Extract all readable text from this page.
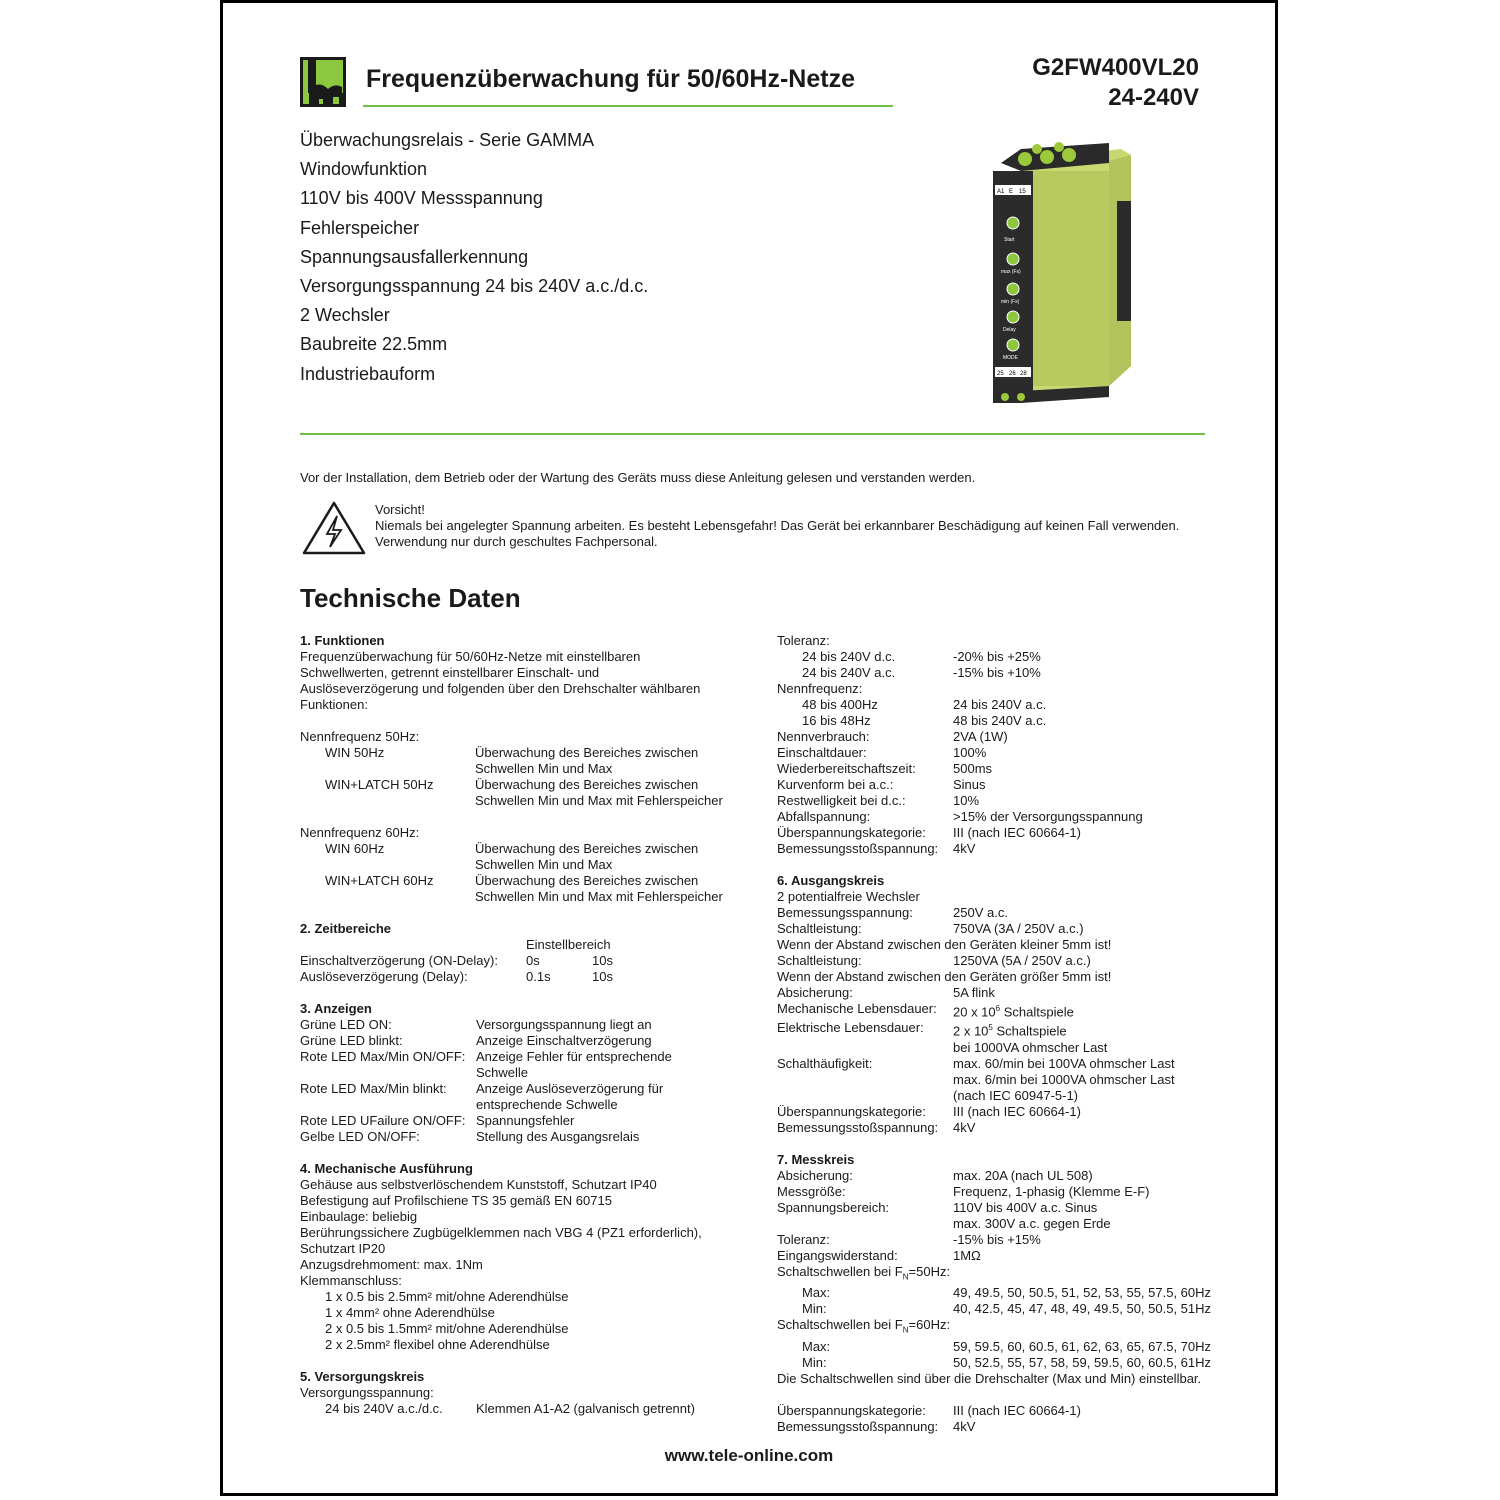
Frequenzüberwachung für 50/60Hz-Netze	G2FW400VL20
24-240V
Überwachungsrelais - Serie GAMMA
Windowfunktion
110V bis 400V Messspannung
Fehlerspeicher
Spannungsausfallerkennung
Versorgungsspannung 24 bis 240V a.c./d.c.
2 Wechsler
Baubreite 22.5mm
Industriebauform
A1 E 15
Start
max (Fs)
min (Fs)
Delay
MODE
25 26 28
Vor der Installation, dem Betrieb oder der Wartung des Geräts muss diese Anleitung gelesen und verstanden werden.
Vorsicht!
Niemals bei angelegter Spannung arbeiten. Es besteht Lebensgefahr! Das Gerät bei erkannbarer Beschädigung auf keinen Fall verwenden.
Verwendung nur durch geschultes Fachpersonal.
Technische Daten
1. Funktionen
Frequenzüberwachung für 50/60Hz-Netze mit einstellbaren
Schwellwerten, getrennt einstellbarer Einschalt- und
Auslöseverzögerung und folgenden über den Drehschalter wählbaren
Funktionen:
Nennfrequenz 50Hz:
WIN 50Hz	Überwachung des Bereiches zwischen
Schwellen Min und Max
WIN+LATCH 50Hz	Überwachung des Bereiches zwischen
Schwellen Min und Max mit Fehlerspeicher
Nennfrequenz 60Hz:
WIN 60Hz	Überwachung des Bereiches zwischen
Schwellen Min und Max
WIN+LATCH 60Hz	Überwachung des Bereiches zwischen
Schwellen Min und Max mit Fehlerspeicher
2. Zeitbereiche
Einstellbereich
Einschaltverzögerung (ON-Delay):	0s	10s
Auslöseverzögerung (Delay):	0.1s	10s
3. Anzeigen
Grüne LED ON:	Versorgungsspannung liegt an
Grüne LED blinkt:	Anzeige Einschaltverzögerung
Rote LED Max/Min ON/OFF: Anzeige Fehler für entsprechende
Schwelle
Rote LED Max/Min blinkt:	Anzeige Auslöseverzögerung für
entsprechende Schwelle
Rote LED UFailure ON/OFF: Spannungsfehler
Gelbe LED ON/OFF:	Stellung des Ausgangsrelais
4. Mechanische Ausführung
Gehäuse aus selbstverlöschendem Kunststoff, Schutzart IP40
Befestigung auf Profilschiene TS 35 gemäß EN 60715
Einbaulage: beliebig
Berührungssichere Zugbügelklemmen nach VBG 4 (PZ1 erforderlich),
Schutzart IP20
Anzugsdrehmoment: max. 1Nm
Klemmanschluss:
1 x 0.5 bis 2.5mm² mit/ohne Aderendhülse
1 x 4mm² ohne Aderendhülse
2 x 0.5 bis 1.5mm² mit/ohne Aderendhülse
2 x 2.5mm² flexibel ohne Aderendhülse
5. Versorgungskreis
Versorgungsspannung:
24 bis 240V a.c./d.c.	Klemmen A1-A2 (galvanisch getrennt)
Toleranz:
24 bis 240V d.c.	-20% bis +25%
24 bis 240V a.c.	-15% bis +10%
Nennfrequenz:
48 bis 400Hz	24 bis 240V a.c.
16 bis 48Hz	48 bis 240V a.c.
Nennverbrauch:	2VA (1W)
Einschaltdauer:	100%
Wiederbereitschaftszeit:	500ms
Kurvenform bei a.c.:	Sinus
Restwelligkeit bei d.c.:	10%
Abfallspannung:	>15% der Versorgungsspannung
Überspannungskategorie:	III (nach IEC 60664-1)
Bemessungsstoßspannung:	4kV
6. Ausgangskreis
2 potentialfreie Wechsler
Bemessungsspannung:	250V a.c.
Schaltleistung:	750VA (3A / 250V a.c.)
Wenn der Abstand zwischen den Geräten kleiner 5mm ist!
Schaltleistung:	1250VA (5A / 250V a.c.)
Wenn der Abstand zwischen den Geräten größer 5mm ist!
Absicherung:	5A flink
Mechanische Lebensdauer:	20 x $10^6$ Schaltspiele
Elektrische Lebensdauer:	2 x $10^5$ Schaltspiele
bei 1000VA ohmscher Last
Schalthäufigkeit:	max. 60/min bei 100VA ohmscher Last
max. 6/min bei 1000VA ohmscher Last
(nach IEC 60947-5-1)
Überspannungskategorie:	III (nach IEC 60664-1)
Bemessungsstoßspannung:	4kV
7. Messkreis
Absicherung:	max. 20A (nach UL 508)
Messgröße:	Frequenz, 1-phasig (Klemme E-F)
Spannungsbereich:	110V bis 400V a.c. Sinus
max. 300V a.c. gegen Erde
Toleranz:	-15% bis +15%
Eingangswiderstand:	1MΩ
Schaltschwellen bei $F_N=50Hz$:
Max:	49, 49.5, 50, 50.5, 51, 52, 53, 55, 57.5, 60Hz
Min:	40, 42.5, 45, 47, 48, 49, 49.5, 50, 50.5, 51Hz
Schaltschwellen bei $F_N=60Hz$:
Max:	59, 59.5, 60, 60.5, 61, 62, 63, 65, 67.5, 70Hz
Min:	50, 52.5, 55, 57, 58, 59, 59.5, 60, 60.5, 61Hz
Die Schaltschwellen sind über die Drehschalter (Max und Min) einstellbar.
Überspannungskategorie:	III (nach IEC 60664-1)
Bemessungsstoßspannung:	4kV
www.tele-online.com
